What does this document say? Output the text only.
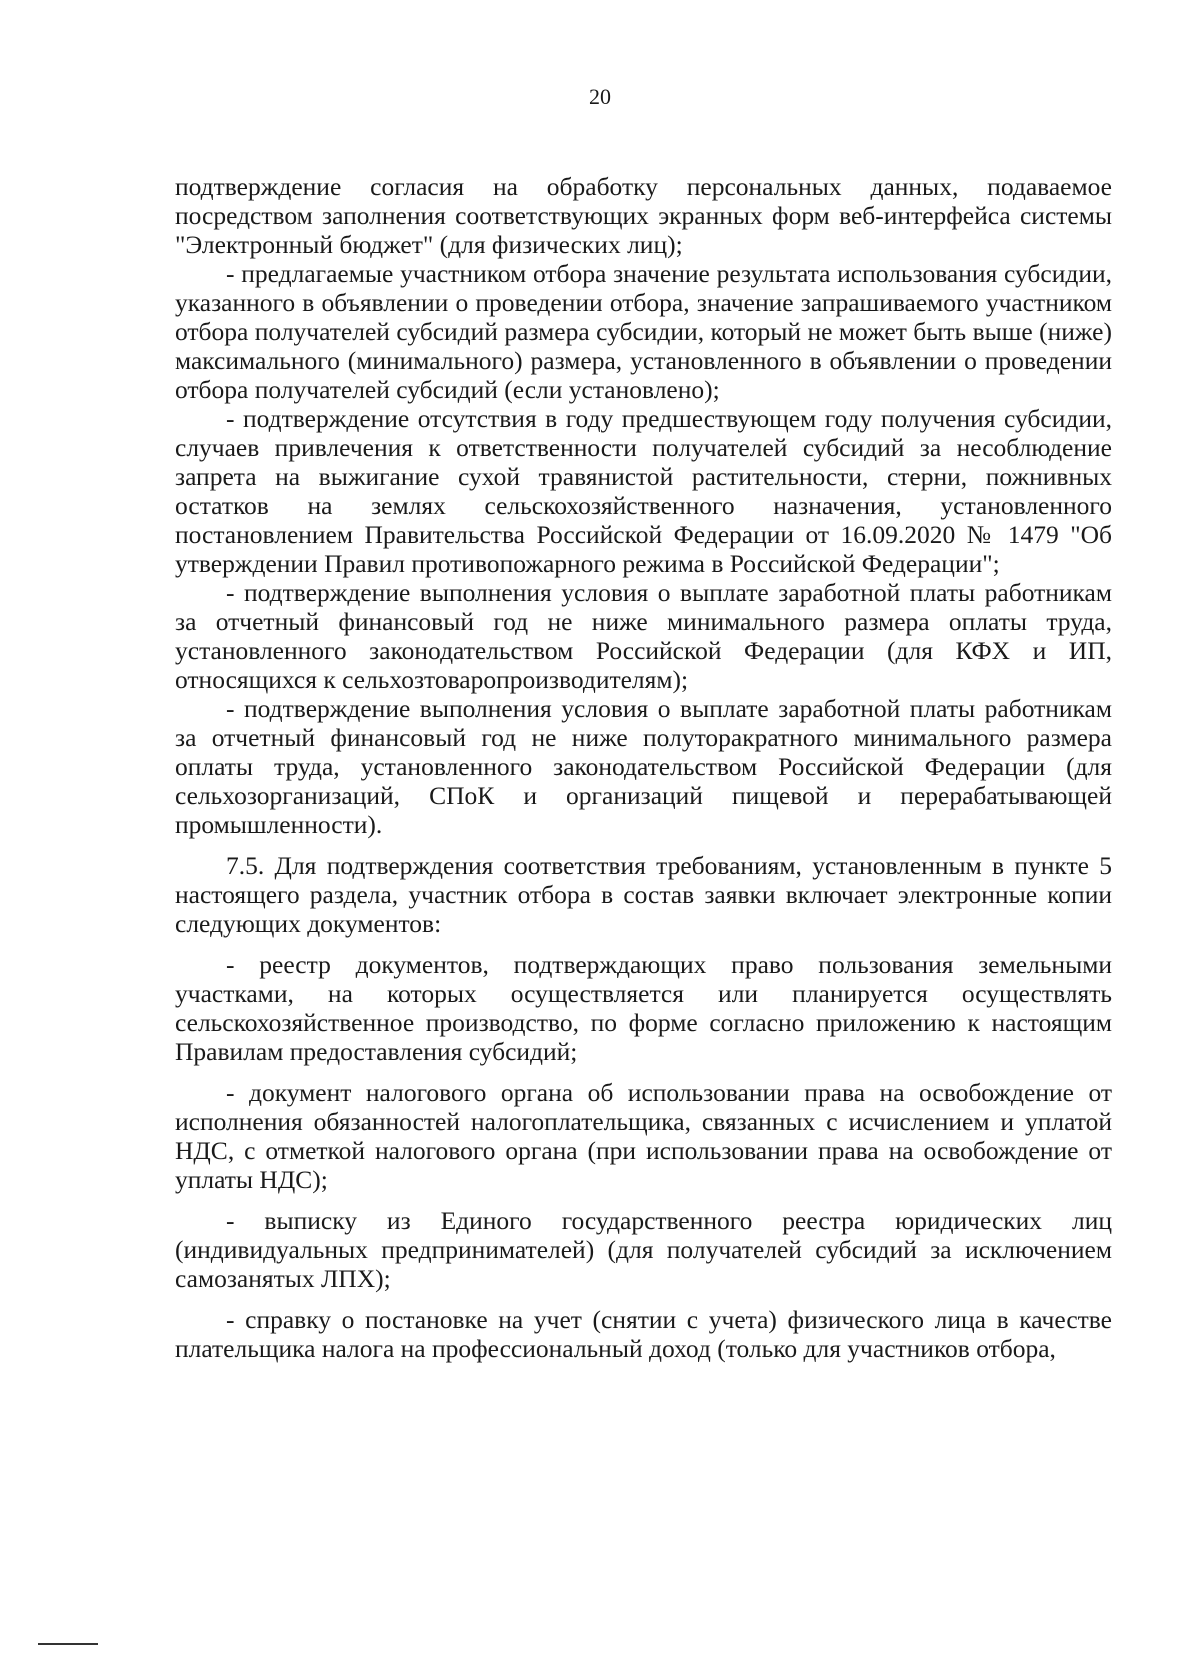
20

подтверждение согласия на обработку персональных данных, подаваемое посредством заполнения соответствующих экранных форм веб-интерфейса системы "Электронный бюджет" (для физических лиц);

- предлагаемые участником отбора значение результата использования субсидии, указанного в объявлении о проведении отбора, значение запрашиваемого участником отбора получателей субсидий размера субсидии, который не может быть выше (ниже) максимального (минимального) размера, установленного в объявлении о проведении отбора получателей субсидий (если установлено);

- подтверждение отсутствия в году предшествующем году получения субсидии, случаев привлечения к ответственности получателей субсидий за несоблюдение запрета на выжигание сухой травянистой растительности, стерни, пожнивных остатков на землях сельскохозяйственного назначения, установленного постановлением Правительства Российской Федерации от 16.09.2020 № 1479 "Об утверждении Правил противопожарного режима в Российской Федерации";

- подтверждение выполнения условия о выплате заработной платы работникам за отчетный финансовый год не ниже минимального размера оплаты труда, установленного законодательством Российской Федерации (для КФХ и ИП, относящихся к сельхозтоваропроизводителям);

- подтверждение выполнения условия о выплате заработной платы работникам за отчетный финансовый год не ниже полуторакратного минимального размера оплаты труда, установленного законодательством Российской Федерации (для сельхозорганизаций, СПоК и организаций пищевой и перерабатывающей промышленности).

7.5. Для подтверждения соответствия требованиям, установленным в пункте 5 настоящего раздела, участник отбора в состав заявки включает электронные копии следующих документов:

- реестр документов, подтверждающих право пользования земельными участками, на которых осуществляется или планируется осуществлять сельскохозяйственное производство, по форме согласно приложению к настоящим Правилам предоставления субсидий;

- документ налогового органа об использовании права на освобождение от исполнения обязанностей налогоплательщика, связанных с исчислением и уплатой НДС, с отметкой налогового органа (при использовании права на освобождение от уплаты НДС);

- выписку из Единого государственного реестра юридических лиц (индивидуальных предпринимателей) (для получателей субсидий за исключением самозанятых ЛПХ);

- справку о постановке на учет (снятии с учета) физического лица в качестве плательщика налога на профессиональный доход (только для участников отбора,
